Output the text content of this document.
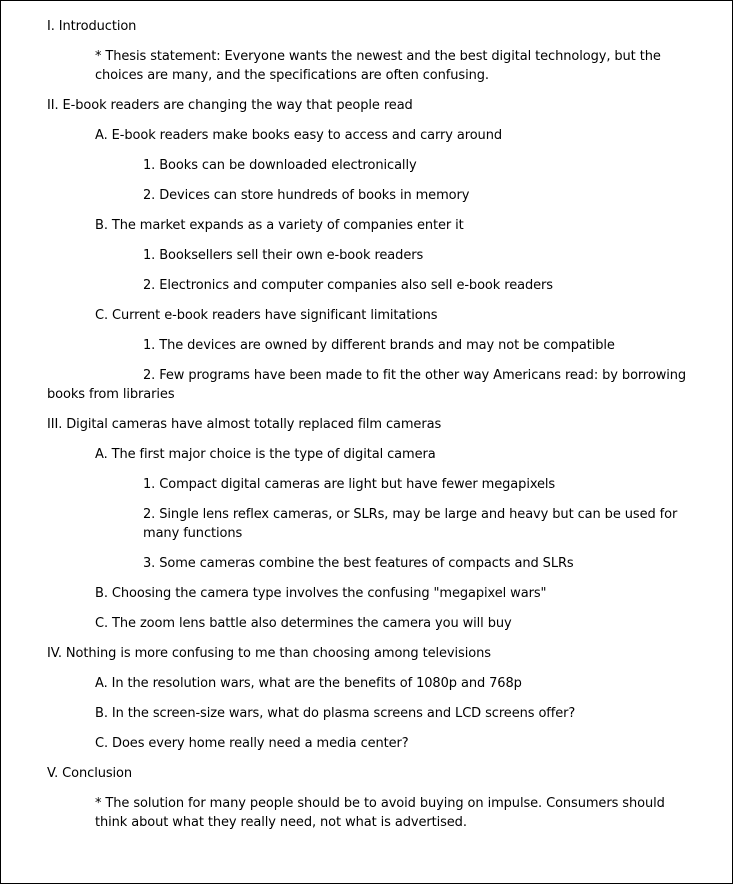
I. Introduction
* Thesis statement: Everyone wants the newest and the best digital technology, but the choices are many, and the specifications are often confusing.
II. E-book readers are changing the way that people read
A. E-book readers make books easy to access and carry around
1. Books can be downloaded electronically
2. Devices can store hundreds of books in memory
B. The market expands as a variety of companies enter it
1. Booksellers sell their own e-book readers
2. Electronics and computer companies also sell e-book readers
C. Current e-book readers have significant limitations
1. The devices are owned by different brands and may not be compatible
2. Few programs have been made to fit the other way Americans read: by borrowing books from libraries
III. Digital cameras have almost totally replaced film cameras
A. The first major choice is the type of digital camera
1. Compact digital cameras are light but have fewer megapixels
2. Single lens reflex cameras, or SLRs, may be large and heavy but can be used for many functions
3. Some cameras combine the best features of compacts and SLRs
B. Choosing the camera type involves the confusing "megapixel wars"
C. The zoom lens battle also determines the camera you will buy
IV. Nothing is more confusing to me than choosing among televisions
A. In the resolution wars, what are the benefits of 1080p and 768p
B. In the screen-size wars, what do plasma screens and LCD screens offer?
C. Does every home really need a media center?
V. Conclusion
* The solution for many people should be to avoid buying on impulse. Consumers should think about what they really need, not what is advertised.
